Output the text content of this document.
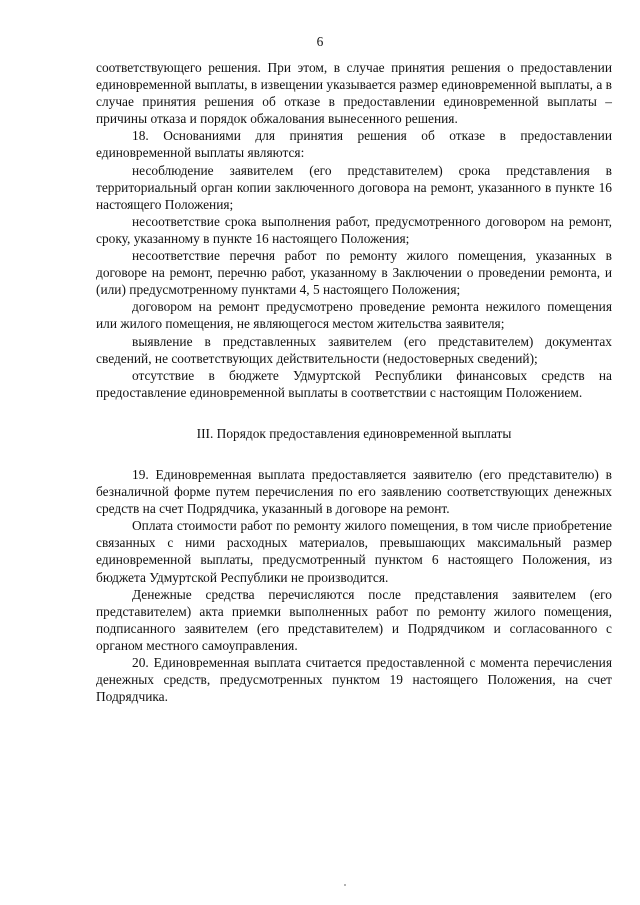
6

соответствующего решения. При этом, в случае принятия решения о предоставлении единовременной выплаты, в извещении указывается размер единовременной выплаты, а в случае принятия решения об отказе в предоставлении единовременной выплаты – причины отказа и порядок обжалования вынесенного решения.

18. Основаниями для принятия решения об отказе в предоставлении единовременной выплаты являются:

несоблюдение заявителем (его представителем) срока представления в территориальный орган копии заключенного договора на ремонт, указанного в пункте 16 настоящего Положения;

несоответствие срока выполнения работ, предусмотренного договором на ремонт, сроку, указанному в пункте 16 настоящего Положения;

несоответствие перечня работ по ремонту жилого помещения, указанных в договоре на ремонт, перечню работ, указанному в Заключении о проведении ремонта, и (или) предусмотренному пунктами 4, 5 настоящего Положения;

договором на ремонт предусмотрено проведение ремонта нежилого помещения или жилого помещения, не являющегося местом жительства заявителя;

выявление в представленных заявителем (его представителем) документах сведений, не соответствующих действительности (недостоверных сведений);

отсутствие в бюджете Удмуртской Республики финансовых средств на предоставление единовременной выплаты в соответствии с настоящим Положением.

III. Порядок предоставления единовременной выплаты

19. Единовременная выплата предоставляется заявителю (его представителю) в безналичной форме путем перечисления по его заявлению соответствующих денежных средств на счет Подрядчика, указанный в договоре на ремонт.

Оплата стоимости работ по ремонту жилого помещения, в том числе приобретение связанных с ними расходных материалов, превышающих максимальный размер единовременной выплаты, предусмотренный пунктом 6 настоящего Положения, из бюджета Удмуртской Республики не производится.

Денежные средства перечисляются после представления заявителем (его представителем) акта приемки выполненных работ по ремонту жилого помещения, подписанного заявителем (его представителем) и Подрядчиком и согласованного с органом местного самоуправления.

20. Единовременная выплата считается предоставленной с момента перечисления денежных средств, предусмотренных пунктом 19 настоящего Положения, на счет Подрядчика.
